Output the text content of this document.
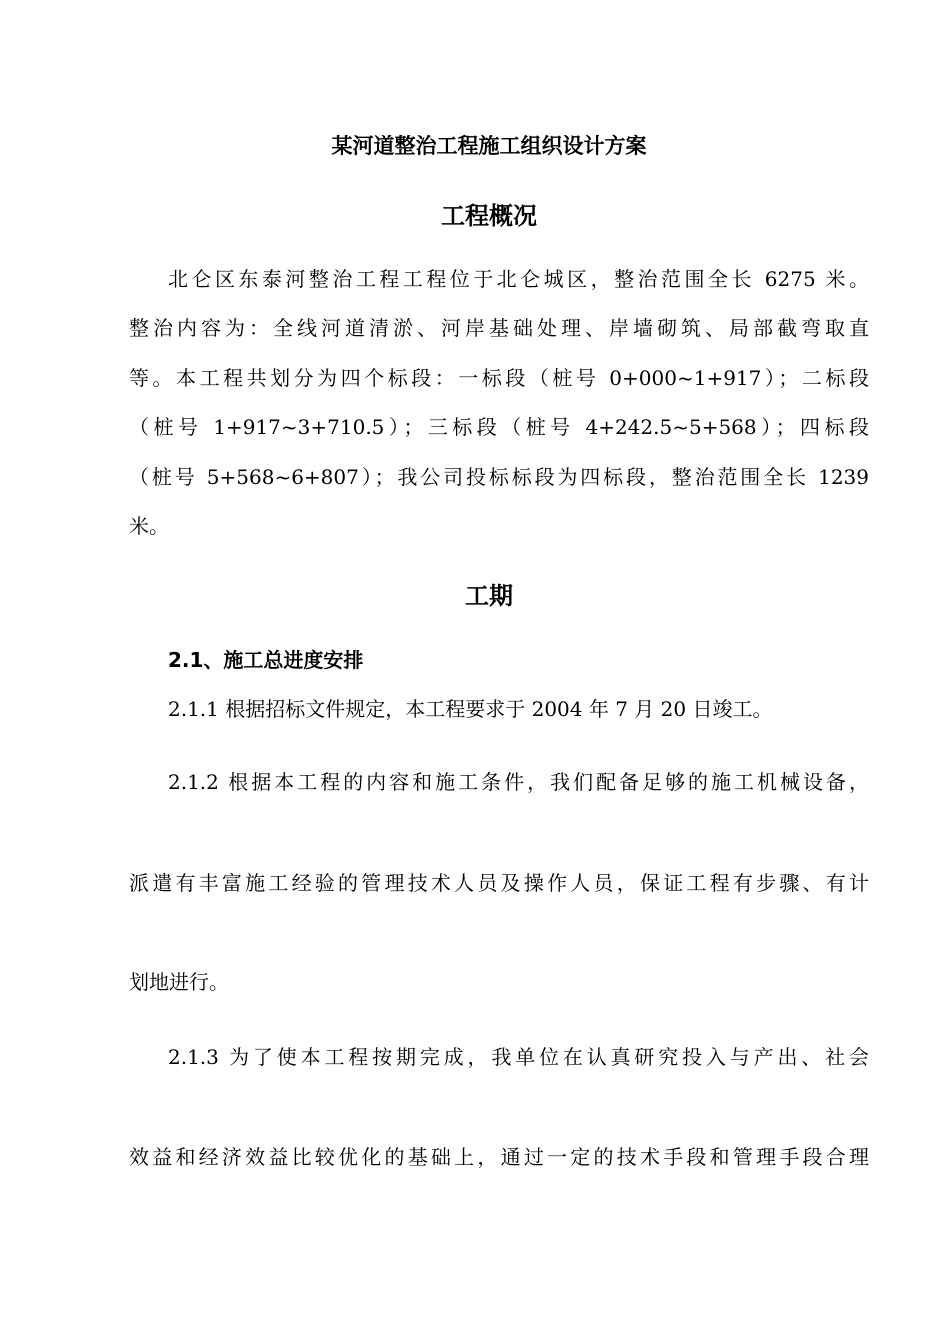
某河道整治工程施工组织设计方案
工程概况
北仑区东泰河整治工程工程位于北仑城区，整治范围全长 6275 米。
整治内容为：全线河道清淤、河岸基础处理、岸墙砌筑、局部截弯取直
等。本工程共划分为四个标段：一标段（桩号 0+000~1+917）；二标段
（桩号 1+917~3+710.5）；三标段（桩号 4+242.5~5+568）；四标段
（桩号 5+568~6+807）；我公司投标标段为四标段，整治范围全长 1239
米。
工期
2.1、施工总进度安排
2.1.1 根据招标文件规定，本工程要求于 2004 年 7 月 20 日竣工。
2.1.2 根据本工程的内容和施工条件，我们配备足够的施工机械设备，
派遣有丰富施工经验的管理技术人员及操作人员，保证工程有步骤、有计
划地进行。
2.1.3 为了使本工程按期完成，我单位在认真研究投入与产出、社会
效益和经济效益比较优化的基础上，通过一定的技术手段和管理手段合理
